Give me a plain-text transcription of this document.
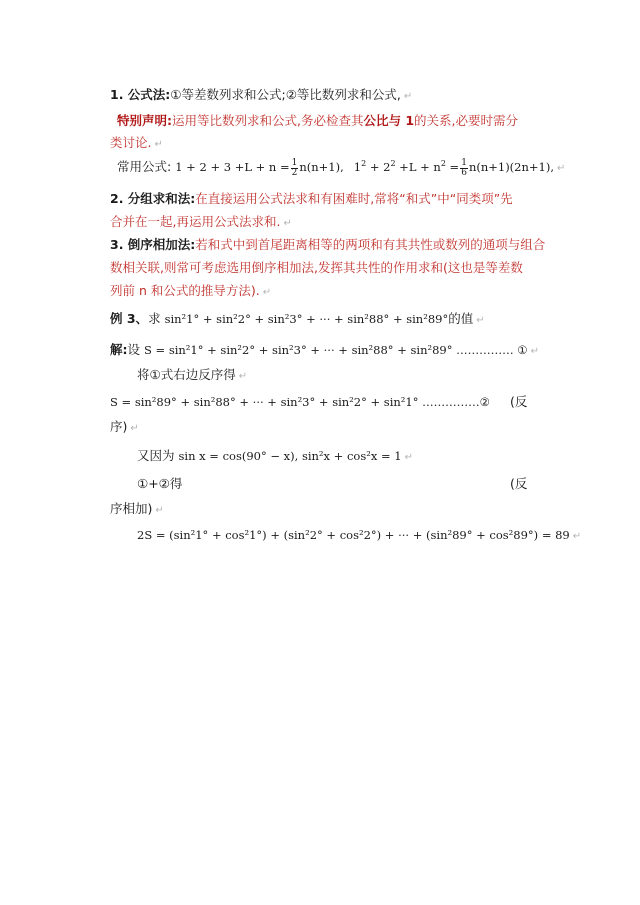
1. 公式法:①等差数列求和公式;②等比数列求和公式, ↵
特别声明:运用等比数列求和公式,务必检查其公比与 1的关系,必要时需分
类讨论. ↵
常用公式: $1 + 2 + 3 +L + n = \frac{1}{2} n(n+1)$, $1^2 + 2^2 +L + n^2 = \frac{1}{6} n(n+1)(2n+1)$, ↵
2. 分组求和法:在直接运用公式法求和有困难时,常将“和式”中“同类项”先
合并在一起,再运用公式法求和. ↵
3. 倒序相加法:若和式中到首尾距离相等的两项和有其共性或数列的通项与组合
数相关联,则常可考虑选用倒序相加法,发挥其共性的作用求和(这也是等差数
列前 n 和公式的推导方法). ↵
例 3、求 sin²1° + sin²2° + sin²3° + ··· + sin²88° + sin²89°的值 ↵
解:设 S = sin²1° + sin²2° + sin²3° + ··· + sin²88° + sin²89° …………… ① ↵
将①式右边反序得 ↵
S = sin²89° + sin²88° + ··· + sin²3° + sin²2° + sin²1° ……………② (反
序) ↵
又因为 sin x = cos(90° − x), sin²x + cos²x = 1 ↵
①+②得	(反
序相加) ↵
2S = (sin²1° + cos²1°) + (sin²2° + cos²2°) + ··· + (sin²89° + cos²89°) = 89 ↵
